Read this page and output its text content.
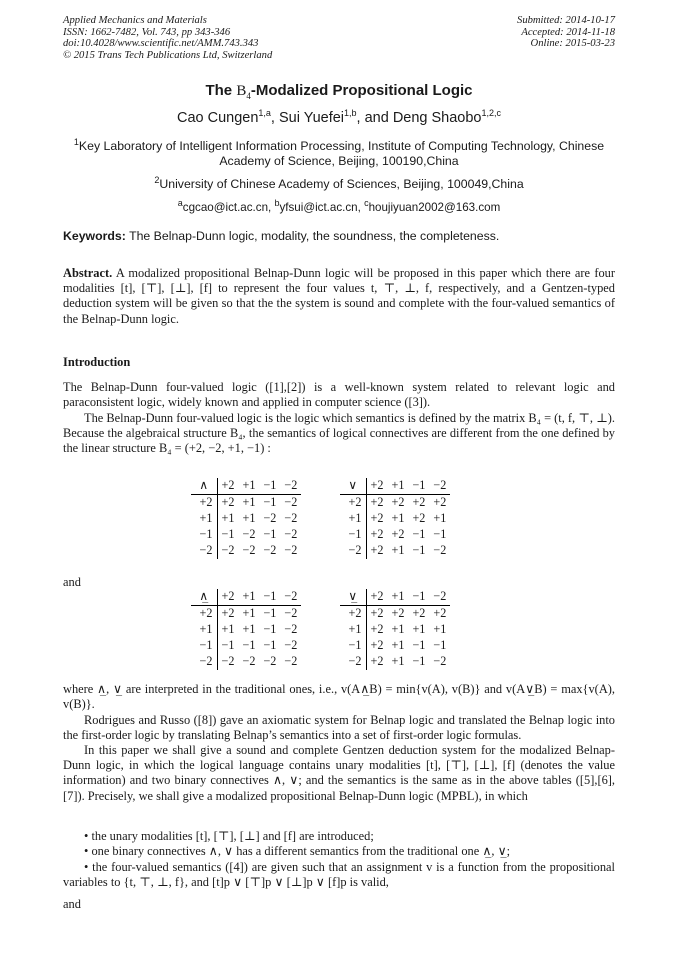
Applied Mechanics and Materials
ISSN: 1662-7482, Vol. 743, pp 343-346
doi:10.4028/www.scientific.net/AMM.743.343
© 2015 Trans Tech Publications Ltd, Switzerland
Submitted: 2014-10-17
Accepted: 2014-11-18
Online: 2015-03-23
The $B_4$-Modalized Propositional Logic
Cao Cungen$^{1,a}$, Sui Yuefei$^{1,b}$, and Deng Shaobo$^{1,2,c}$
$^1$Key Laboratory of Intelligent Information Processing, Institute of Computing Technology, Chinese Academy of Science, Beijing, 100190,China
$^2$University of Chinese Academy of Sciences, Beijing, 100049,China
$^a$cgcao@ict.ac.cn, $^b$yfsui@ict.ac.cn, $^c$houjiyuan2002@163.com
Keywords: The Belnap-Dunn logic, modality, the soundness, the completeness.
Abstract. A modalized propositional Belnap-Dunn logic will be proposed in this paper which there are four modalities [t], [⊤], [⊥], [f] to represent the four values t, ⊤, ⊥, f, respectively, and a Gentzen-typed deduction system will be given so that the the system is sound and complete with the four-valued semantics of the Belnap-Dunn logic.
Introduction
The Belnap-Dunn four-valued logic ([1],[2]) is a well-known system related to relevant logic and paraconsistent logic, widely known and applied in computer science ([3]).
The Belnap-Dunn four-valued logic is the logic which semantics is defined by the matrix B₄ = (t, f, ⊤, ⊥). Because the algebraical structure B₄, the semantics of logical connectives are different from the one defined by the linear structure B₄ = (+2, −2, +1, −1) :
∧	+2	+1	−1	−2
+2	+2	+1	−1	−2
+1	+1	+1	−2	−2
−1	−1	−2	−1	−2
−2	−2	−2	−2	−2
∨	+2	+1	−1	−2
+2	+2	+2	+2	+2
+1	+2	+1	+2	+1
−1	+2	+2	−1	−1
−2	+2	+1	−1	−2
and
∧̲	+2	+1	−1	−2
+2	+2	+1	−1	−2
+1	+1	+1	−1	−2
−1	−1	−1	−1	−2
−2	−2	−2	−2	−2
∨̲	+2	+1	−1	−2
+2	+2	+2	+2	+2
+1	+2	+1	+1	+1
−1	+2	+1	−1	−1
−2	+2	+1	−1	−2
where ∧̲, ∨̲ are interpreted in the traditional ones, i.e., v(A∧̲B) = min{v(A), v(B)} and v(A∨̲B) = max{v(A), v(B)}.
Rodrigues and Russo ([8]) gave an axiomatic system for Belnap logic and translated the Belnap logic into the first-order logic by translating Belnap’s semantics into a set of first-order logic formulas.
In this paper we shall give a sound and complete Gentzen deduction system for the modalized Belnap-Dunn logic, in which the logical language contains unary modalities [t], [⊤], [⊥], [f] (denotes the value information) and two binary connectives ∧, ∨; and the semantics is the same as in the above tables ([5],[6],[7]). Precisely, we shall give a modalized propositional Belnap-Dunn logic (MPBL), in which
• the unary modalities [t], [⊤], [⊥] and [f] are introduced;
• one binary connectives ∧, ∨ has a different semantics from the traditional one ∧̲, ∨̲;
• the four-valued semantics ([4]) are given such that an assignment v is a function from the propositional variables to {t, ⊤, ⊥, f}, and [t]p ∨ [⊤]p ∨ [⊥]p ∨ [f]p is valid,
and
